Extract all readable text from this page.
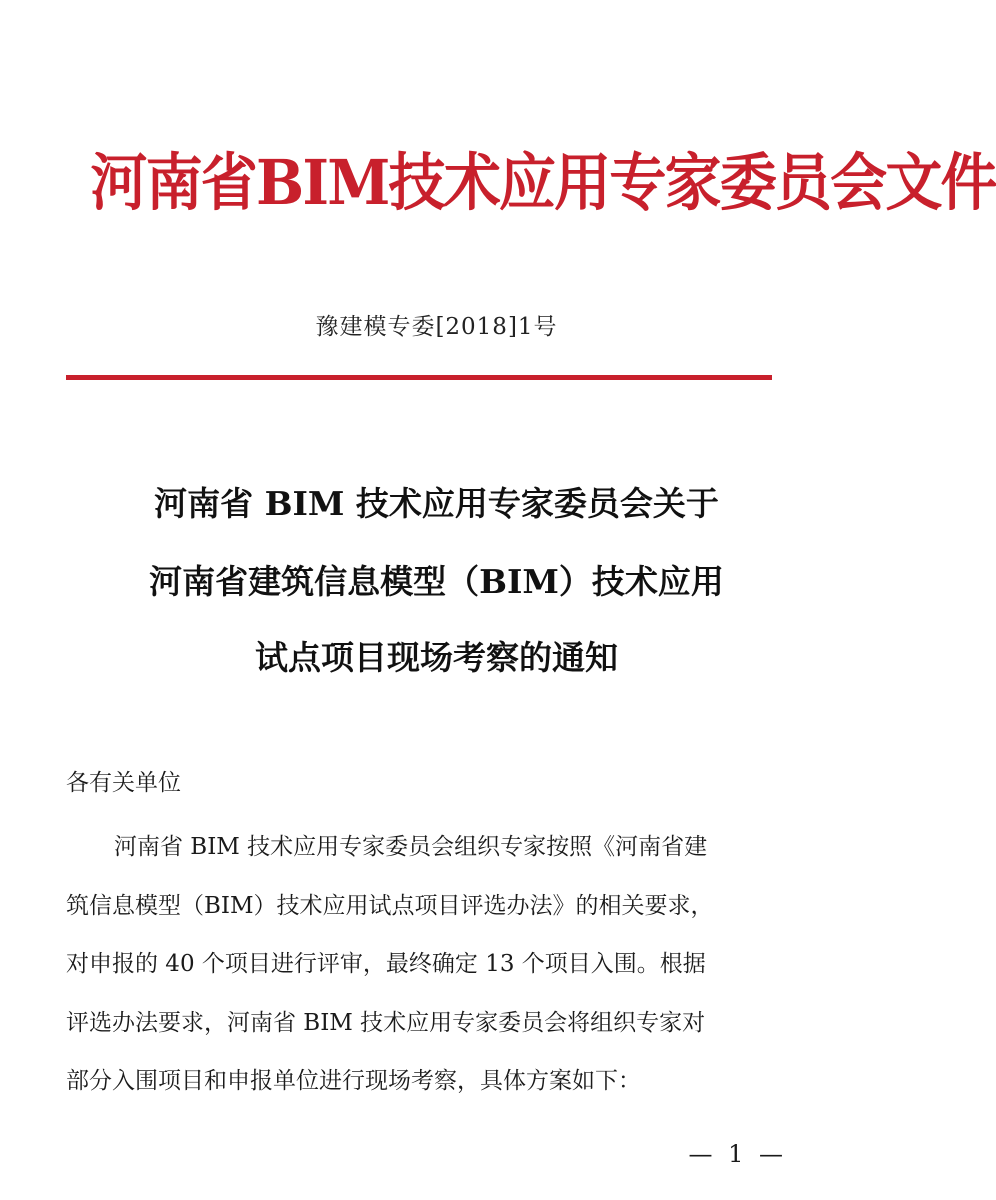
河南省BIM技术应用专家委员会文件
豫建模专委[2018]1号
河南省 BIM 技术应用专家委员会关于
河南省建筑信息模型（BIM）技术应用
试点项目现场考察的通知
各有关单位
河南省 BIM 技术应用专家委员会组织专家按照《河南省建
筑信息模型（BIM）技术应用试点项目评选办法》的相关要求，
对申报的 40 个项目进行评审，最终确定 13 个项目入围。根据
评选办法要求，河南省 BIM 技术应用专家委员会将组织专家对
部分入围项目和申报单位进行现场考察，具体方案如下：
— 1 —
